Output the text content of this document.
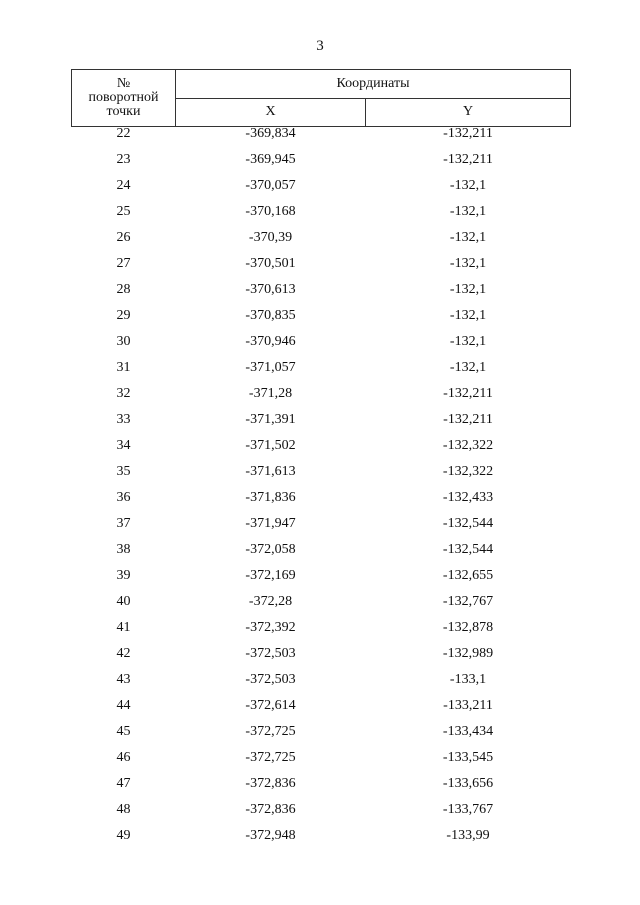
3
№
поворотной
точки	Координаты	
	X	Y
22	-369,834	-132,211
23	-369,945	-132,211
24	-370,057	-132,1
25	-370,168	-132,1
26	-370,39	-132,1
27	-370,501	-132,1
28	-370,613	-132,1
29	-370,835	-132,1
30	-370,946	-132,1
31	-371,057	-132,1
32	-371,28	-132,211
33	-371,391	-132,211
34	-371,502	-132,322
35	-371,613	-132,322
36	-371,836	-132,433
37	-371,947	-132,544
38	-372,058	-132,544
39	-372,169	-132,655
40	-372,28	-132,767
41	-372,392	-132,878
42	-372,503	-132,989
43	-372,503	-133,1
44	-372,614	-133,211
45	-372,725	-133,434
46	-372,725	-133,545
47	-372,836	-133,656
48	-372,836	-133,767
49	-372,948	-133,99
